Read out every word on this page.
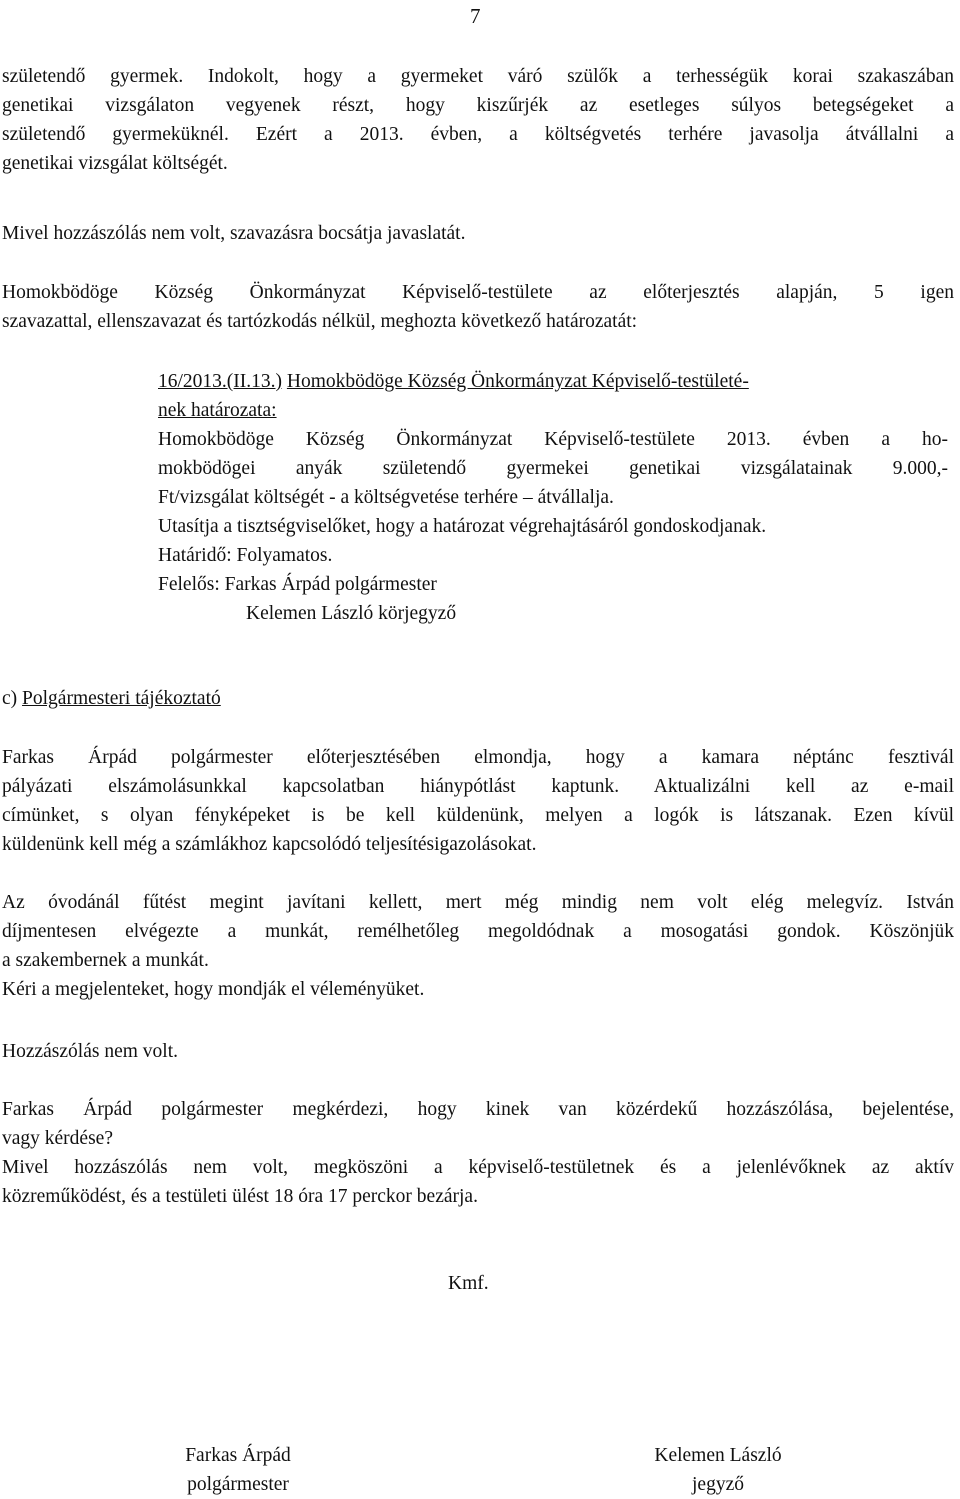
7
születendő gyermek. Indokolt, hogy a gyermeket váró szülők a terhességük korai szakaszában
genetikai vizsgálaton vegyenek részt, hogy kiszűrjék az esetleges súlyos betegségeket a
születendő gyermeküknél. Ezért a 2013. évben, a költségvetés terhére javasolja átvállalni a
genetikai vizsgálat költségét.
Mivel hozzászólás nem volt, szavazásra bocsátja javaslatát.
Homokbödöge Község Önkormányzat Képviselő-testülete az előterjesztés alapján, 5 igen
szavazattal, ellenszavazat és tartózkodás nélkül, meghozta következő határozatát:
16/2013.(II.13.) Homokbödöge Község Önkormányzat Képviselő-testületé-
nek határozata:
Homokbödöge Község Önkormányzat Képviselő-testülete 2013. évben a ho-
mokbödögei anyák születendő gyermekei genetikai vizsgálatainak 9.000,-
Ft/vizsgálat költségét - a költségvetése terhére – átvállalja.
Utasítja a tisztségviselőket, hogy a határozat végrehajtásáról gondoskodjanak.
Határidő: Folyamatos.
Felelős: Farkas Árpád polgármester
Kelemen László körjegyző
c) Polgármesteri tájékoztató
Farkas Árpád polgármester előterjesztésében elmondja, hogy a kamara néptánc fesztivál
pályázati elszámolásunkkal kapcsolatban hiánypótlást kaptunk. Aktualizálni kell az e-mail
címünket, s olyan fényképeket is be kell küldenünk, melyen a logók is látszanak. Ezen kívül
küldenünk kell még a számlákhoz kapcsolódó teljesítésigazolásokat.
Az óvodánál fűtést megint javítani kellett, mert még mindig nem volt elég melegvíz. István
díjmentesen elvégezte a munkát, remélhetőleg megoldódnak a mosogatási gondok. Köszönjük
a szakembernek a munkát.
Kéri a megjelenteket, hogy mondják el véleményüket.
Hozzászólás nem volt.
Farkas Árpád polgármester megkérdezi, hogy kinek van közérdekű hozzászólása, bejelentése,
vagy kérdése?
Mivel hozzászólás nem volt, megköszöni a képviselő-testületnek és a jelenlévőknek az aktív
közreműködést, és a testületi ülést 18 óra 17 perckor bezárja.
Kmf.
Farkas Árpád
polgármester
Kelemen László
jegyző
